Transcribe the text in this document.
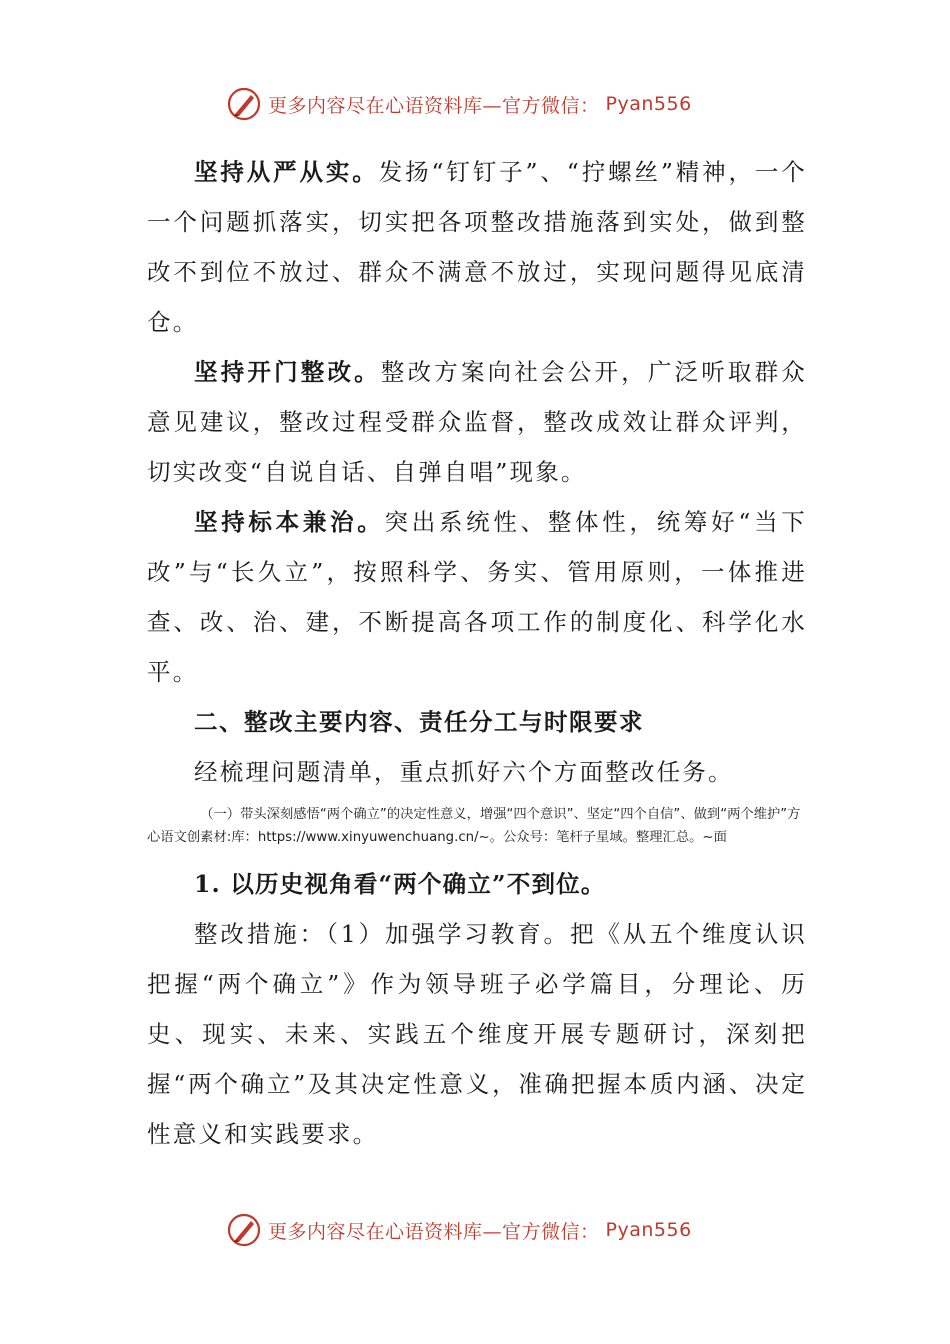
更多内容尽在心语资料库—官方微信： Pyan556

坚持从严从实。发扬“钉钉子”、“拧螺丝”精神，一个一个问题抓落实，切实把各项整改措施落到实处，做到整改不到位不放过、群众不满意不放过，实现问题得见底清仓。

坚持开门整改。整改方案向社会公开，广泛听取群众意见建议，整改过程受群众监督，整改成效让群众评判，切实改变“自说自话、自弹自唱”现象。

坚持标本兼治。突出系统性、整体性，统筹好“当下改”与“长久立”，按照科学、务实、管用原则，一体推进查、改、治、建，不断提高各项工作的制度化、科学化水平。

二、整改主要内容、责任分工与时限要求

经梳理问题清单，重点抓好六个方面整改任务。

（一）带头深刻感悟“两个确立”的决定性意义，增强“四个意识”、坚定“四个自信”、做到“两个维护”方心语文创素材:库：https://www.xinyuwenchuang.cn/~。公众号：笔杆子星域。整理汇总。~面

1. 以历史视角看“两个确立”不到位。

整改措施：（1）加强学习教育。把《从五个维度认识把握“两个确立”》作为领导班子必学篇目，分理论、历史、现实、未来、实践五个维度开展专题研讨，深刻把握“两个确立”及其决定性意义，准确把握本质内涵、决定性意义和实践要求。

更多内容尽在心语资料库—官方微信： Pyan556
